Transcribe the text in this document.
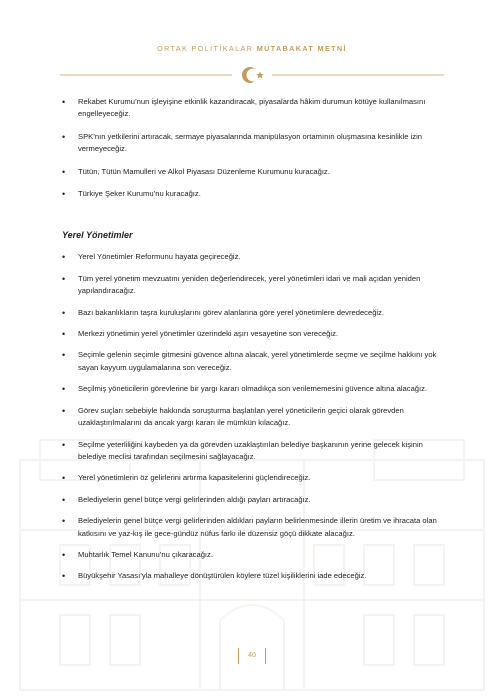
ORTAK POLİTİKALAR MUTABAKAT METNİ
• Rekabet Kurumu’nun işleyişine etkinlik kazandıracak, piyasalarda hâkim durumun kötüye kullanılmasını engelleyeceğiz.
• SPK’nın yetkilerini artıracak, sermaye piyasalarında manipülasyon ortamının oluşmasına kesinlikle izin vermeyeceğiz.
• Tütün, Tütün Mamulleri ve Alkol Piyasası Düzenleme Kurumunu kuracağız.
• Türkiye Şeker Kurumu’nu kuracağız.
Yerel Yönetimler
• Yerel Yönetimler Reformunu hayata geçireceğiz.
• Tüm yerel yönetim mevzuatını yeniden değerlendirecek, yerel yönetimleri idari ve mali açıdan yeniden yapılandıracağız.
• Bazı bakanlıkların taşra kuruluşlarını görev alanlarına göre yerel yönetimlere devredeceğiz.
• Merkezi yönetimin yerel yönetimler üzerindeki aşırı vesayetine son vereceğiz.
• Seçimle gelenin seçimle gitmesini güvence altına alacak, yerel yönetimlerde seçme ve seçilme hakkını yok sayan kayyum uygulamalarına son vereceğiz.
• Seçilmiş yöneticilerin görevlerine bir yargı kararı olmadıkça son verilememesini güvence altına alacağız.
• Görev suçları sebebiyle hakkında soruşturma başlatılan yerel yöneticilerin geçici olarak görevden uzaklaştırılmalarını da ancak yargı kararı ile mümkün kılacağız.
• Seçilme yeterliliğini kaybeden ya da görevden uzaklaştırılan belediye başkanının yerine gelecek kişinin belediye meclisi tarafından seçilmesini sağlayacağız.
• Yerel yönetimlerin öz gelirlerini artırma kapasitelerini güçlendireceğiz.
• Belediyelerin genel bütçe vergi gelirlerinden aldığı payları artıracağız.
• Belediyelerin genel bütçe vergi gelirlerinden aldıkları payların belirlenmesinde illerin üretim ve ihracata olan katkısını ve yaz-kış ile gece-gündüz nüfus farkı ile düzensiz göçü dikkate alacağız.
• Muhtarlık Temel Kanunu’nu çıkaracağız.
• Büyükşehir Yasası’yla mahalleye dönüştürülen köylere tüzel kişiliklerini iade edeceğiz.
40
